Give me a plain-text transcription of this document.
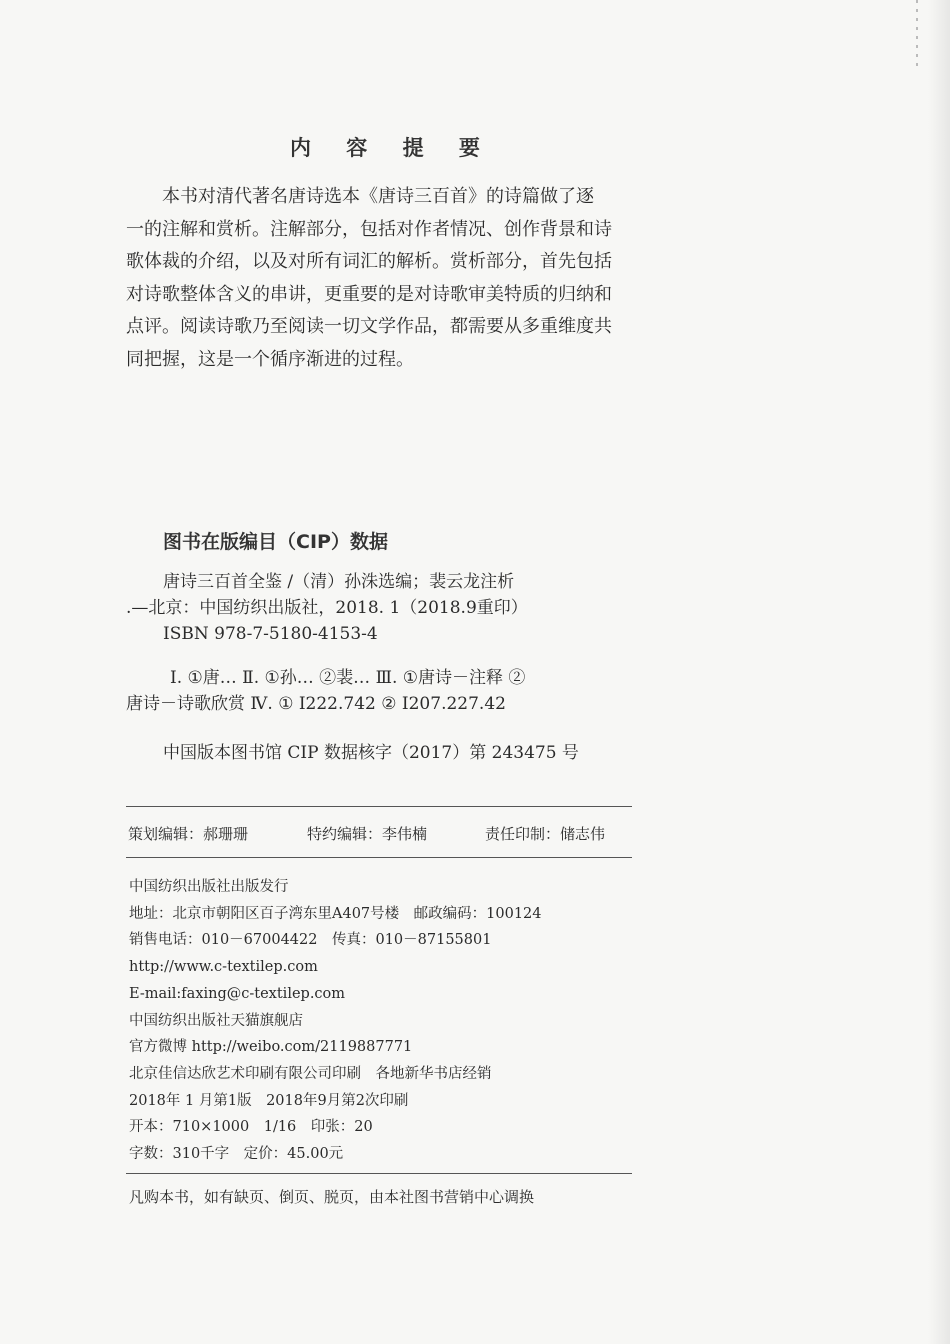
内 容 提 要

本书对清代著名唐诗选本《唐诗三百首》的诗篇做了逐

一的注解和赏析。注解部分，包括对作者情况、创作背景和诗

歌体裁的介绍，以及对所有词汇的解析。赏析部分，首先包括

对诗歌整体含义的串讲，更重要的是对诗歌审美特质的归纳和

点评。阅读诗歌乃至阅读一切文学作品，都需要从多重维度共

同把握，这是一个循序渐进的过程。

图书在版编目（CIP）数据
唐诗三百首全鉴 /（清）孙洙选编；裴云龙注析
.—北京：中国纺织出版社，2018. 1（2018.9重印）
ISBN 978-7-5180-4153-4
Ⅰ. ①唐… Ⅱ. ①孙… ②裴… Ⅲ. ①唐诗－注释 ②
唐诗－诗歌欣赏 Ⅳ. ① I222.742 ② I207.227.42
中国版本图书馆 CIP 数据核字（2017）第 243475 号
策划编辑：郝珊珊	特约编辑：李伟楠	责任印制：储志伟
中国纺织出版社出版发行
地址：北京市朝阳区百子湾东里A407号楼　邮政编码：100124
销售电话：010－67004422　传真：010－87155801
http://www.c-textilep.com
E-mail:faxing@c-textilep.com
中国纺织出版社天猫旗舰店
官方微博 http://weibo.com/2119887771
北京佳信达欣艺术印刷有限公司印刷　各地新华书店经销
2018年 1 月第1版　2018年9月第2次印刷
开本：710×1000　1/16　印张：20
字数：310千字　定价：45.00元
凡购本书，如有缺页、倒页、脱页，由本社图书营销中心调换
